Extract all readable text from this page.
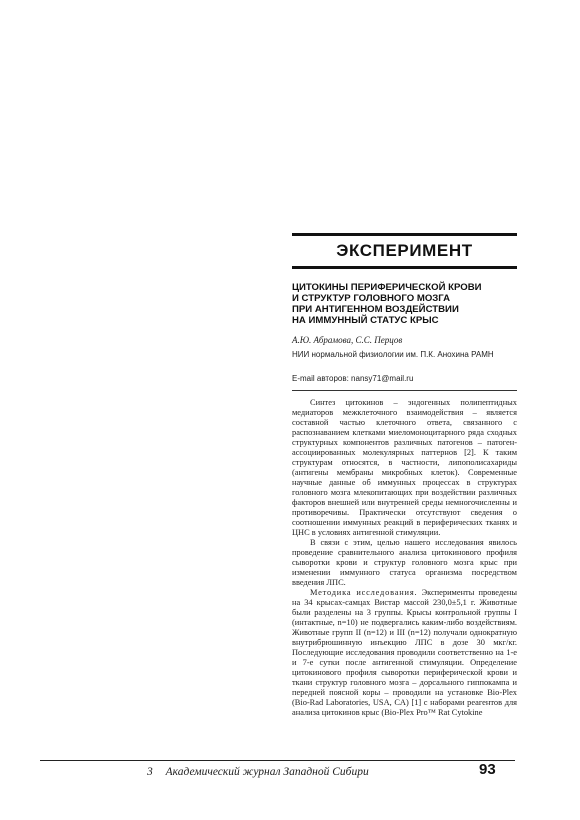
ЭКСПЕРИМЕНТ
ЦИТОКИНЫ ПЕРИФЕРИЧЕСКОЙ КРОВИ
И СТРУКТУР ГОЛОВНОГО МОЗГА
ПРИ АНТИГЕННОМ ВОЗДЕЙСТВИИ
НА ИММУННЫЙ СТАТУС КРЫС
А.Ю. Абрамова, С.С. Перцов
НИИ нормальной физиологии им. П.К. Анохина РАМН
E-mail авторов: nansy71@mail.ru

Синтез цитокинов – эндогенных полипептидных медиаторов межклеточного взаимодействия – является составной частью клеточного ответа, связанного с распознаванием клетками миеломоноцитарного ряда сходных структурных компонентов различных патогенов – патоген-ассоциированных молекулярных паттернов [2]. К таким структурам относятся, в частности, липополисахариды (антигены мембраны микробных клеток). Современные научные данные об иммунных процессах в структурах головного мозга млекопитающих при воздействии различных факторов внешней или внутренней среды немногочисленны и противоречивы. Практически отсутствуют сведения о соотношении иммунных реакций в периферических тканях и ЦНС в условиях антигенной стимуляции.

В связи с этим, целью нашего исследования явилось проведение сравнительного анализа цитокинового профиля сыворотки крови и структур головного мозга крыс при изменении иммунного статуса организма посредством введения ЛПС.

Методика исследования. Эксперименты проведены на 34 крысах-самцах Вистар массой 230,0±5,1 г. Животные были разделены на 3 группы. Крысы контрольной группы I (интактные, n=10) не подвергались каким-либо воздействиям. Животные групп II (n=12) и III (n=12) получали однократную внутрибрюшинную инъекцию ЛПС в дозе 30 мкг/кг. Последующие исследования проводили соответственно на 1-е и 7-е сутки после антигенной стимуляции. Определение цитокинового профиля сыворотки периферической крови и ткани структур головного мозга – дорсального гиппокампа и передней поясной коры – проводили на установке Bio-Plex (Bio-Rad Laboratories, USA, CA) [1] с наборами реагентов для анализа цитокинов крыс (Bio-Plex Pro™ Rat Cytokine

3 Академический журнал Западной Сибири	93
